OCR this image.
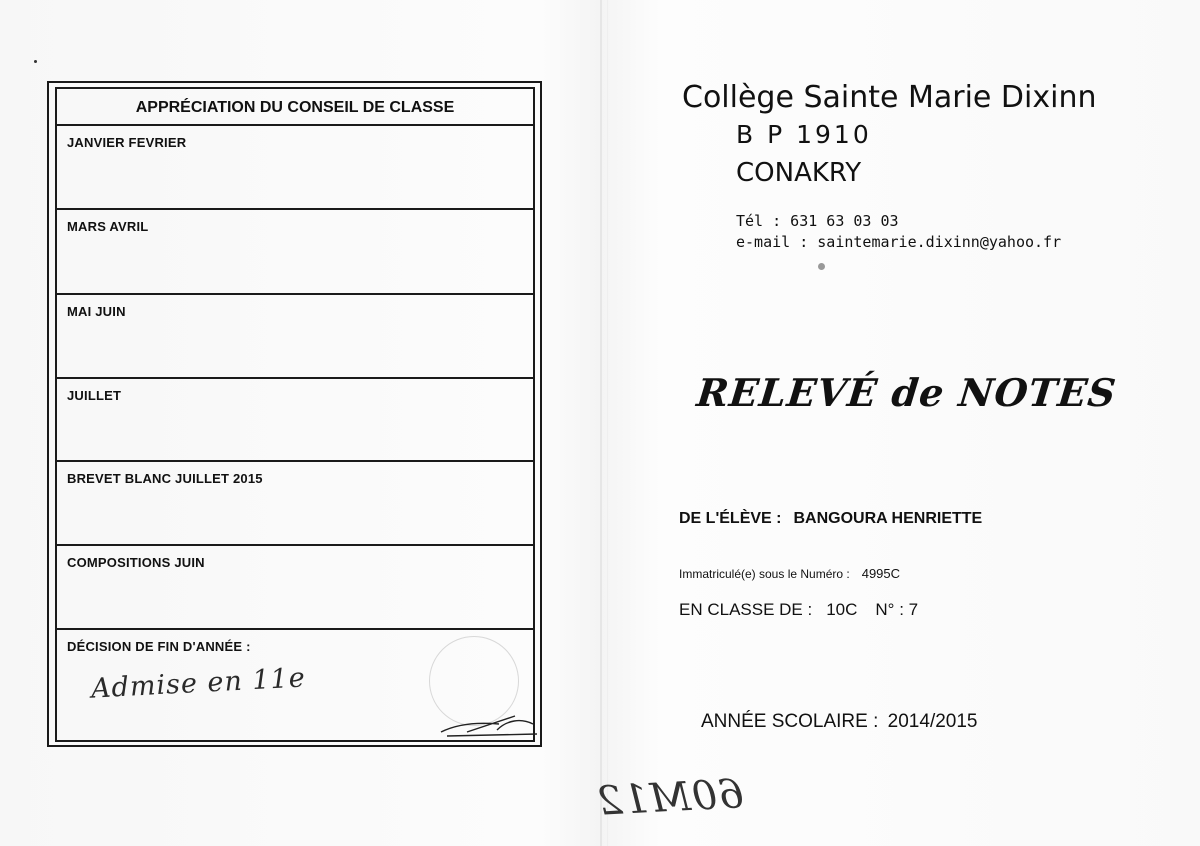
APPRÉCIATION DU CONSEIL DE CLASSE
JANVIER FEVRIER
MARS AVRIL
MAI JUIN
JUILLET
BREVET BLANC JUILLET 2015
COMPOSITIONS JUIN
DÉCISION DE FIN D'ANNÉE :
Admise en 11e
Collège Sainte Marie Dixinn
B P 1910
CONAKRY
Tél : 631 63 03 03
e-mail : saintemarie.dixinn@yahoo.fr
RELEVÉ de NOTES
DE L'ÉLÈVE : BANGOURA HENRIETTE
Immatriculé(e) sous le Numéro : 4995C
EN CLASSE DE : 10C N° : 7
ANNÉE SCOLAIRE : 2014/2015
60M12
